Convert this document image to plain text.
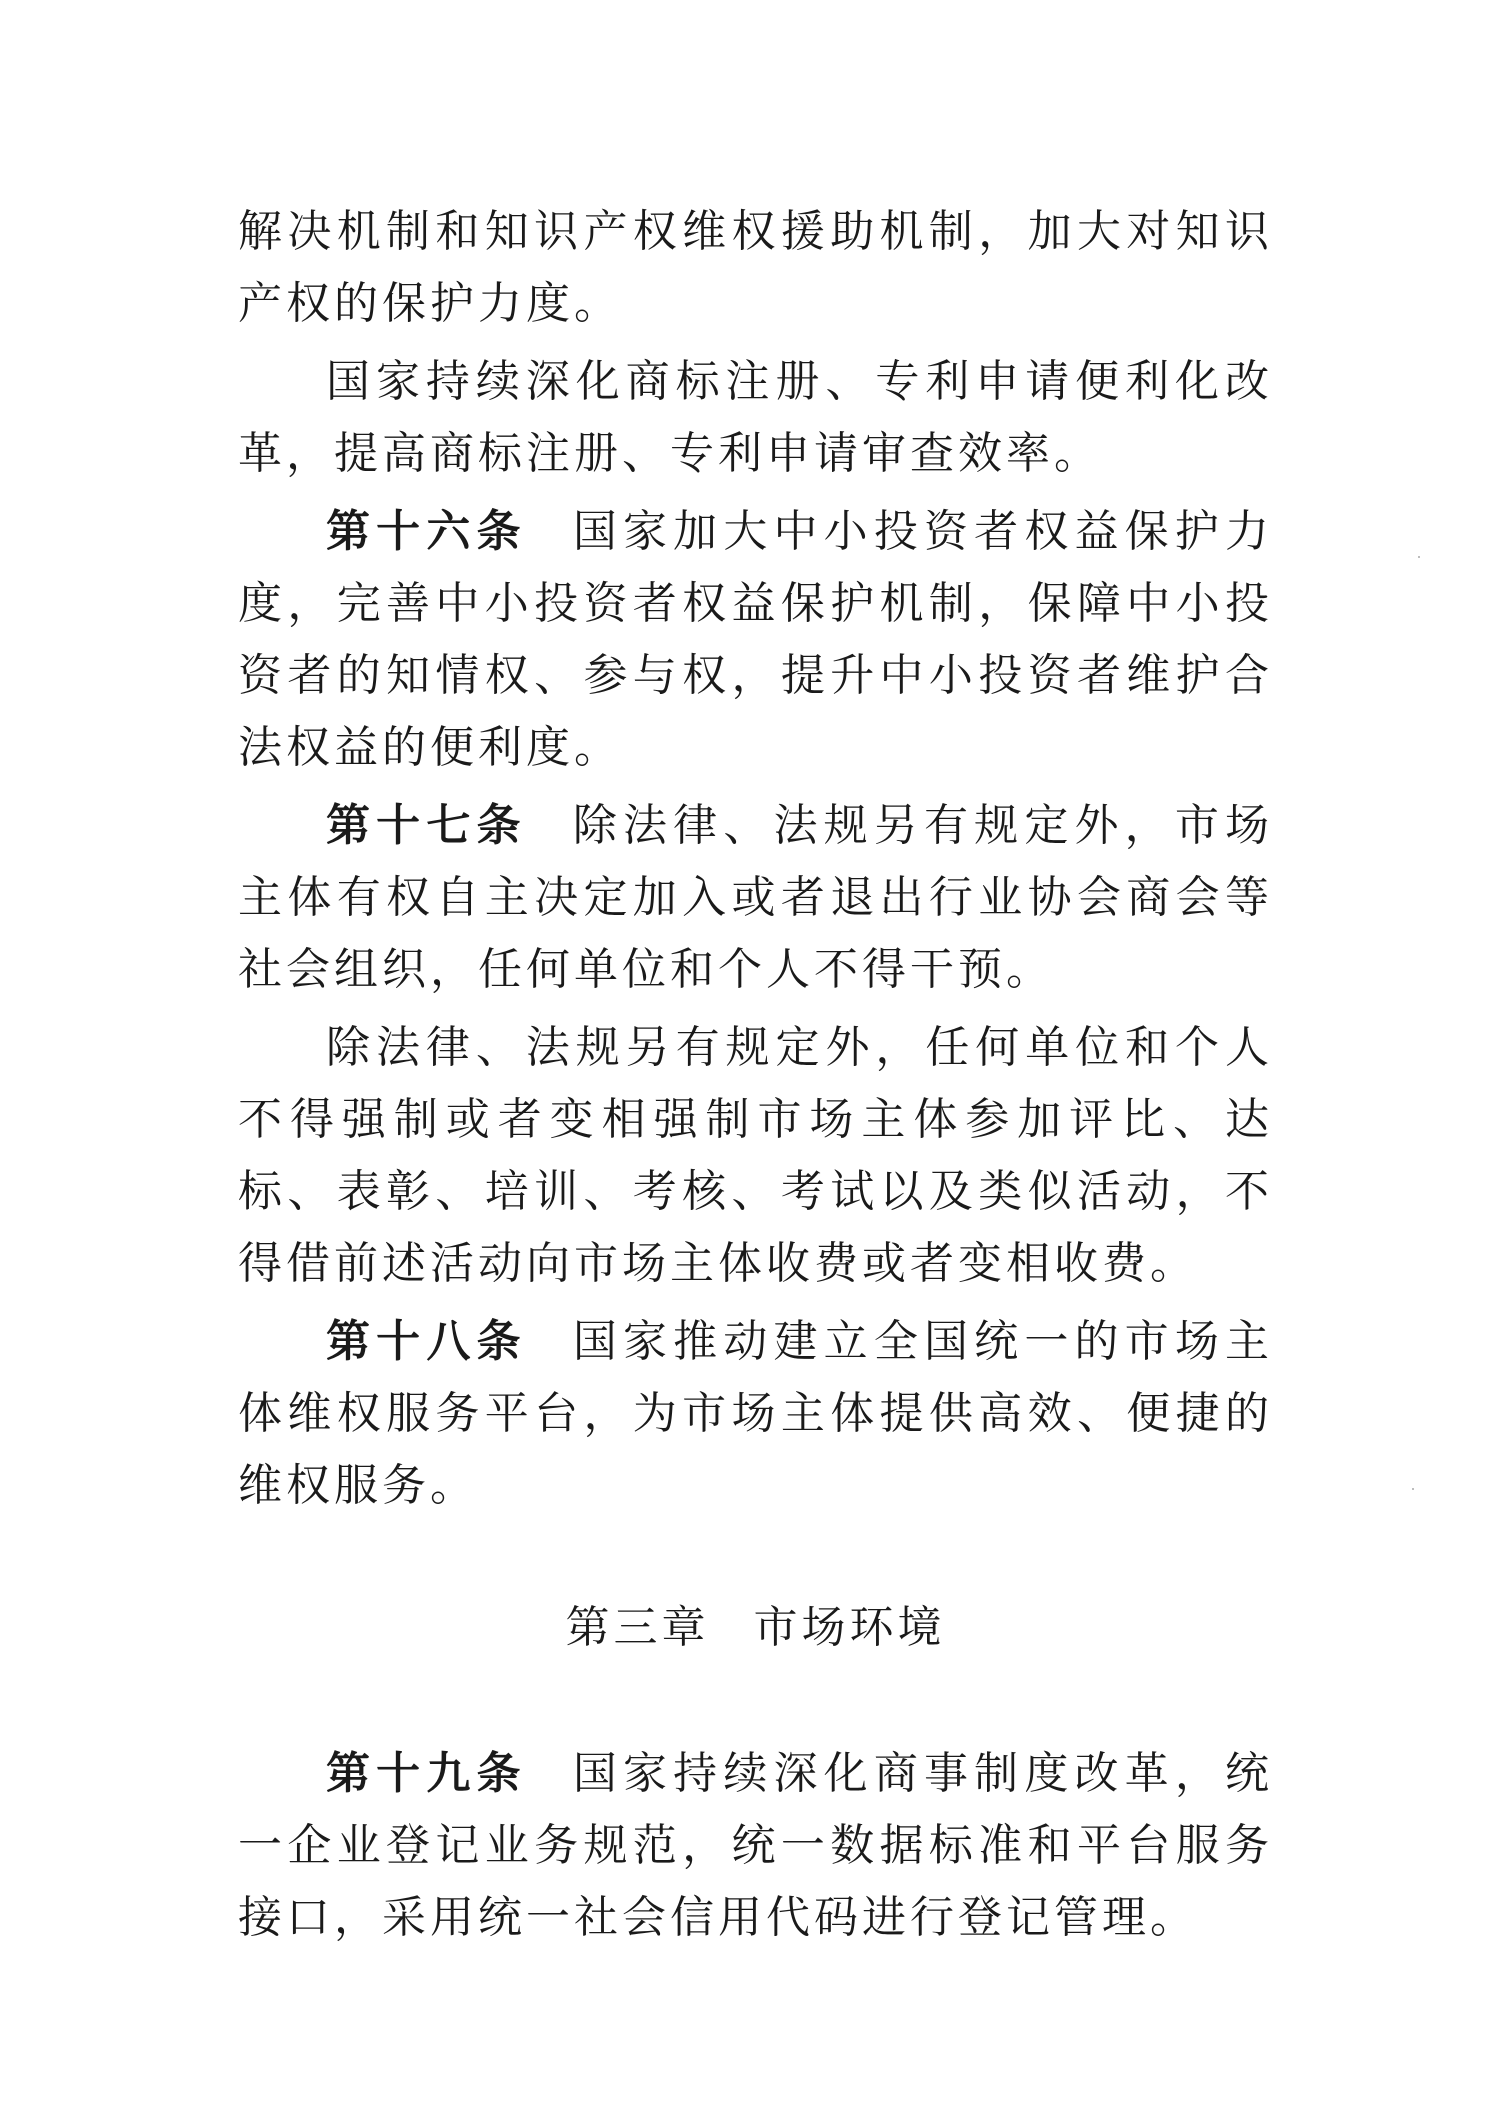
解决机制和知识产权维权援助机制，加大对知识产权的保护力度。

国家持续深化商标注册、专利申请便利化改革，提高商标注册、专利申请审查效率。

第十六条 国家加大中小投资者权益保护力度，完善中小投资者权益保护机制，保障中小投资者的知情权、参与权，提升中小投资者维护合法权益的便利度。

第十七条 除法律、法规另有规定外，市场主体有权自主决定加入或者退出行业协会商会等社会组织，任何单位和个人不得干预。

除法律、法规另有规定外，任何单位和个人不得强制或者变相强制市场主体参加评比、达标、表彰、培训、考核、考试以及类似活动，不得借前述活动向市场主体收费或者变相收费。

第十八条 国家推动建立全国统一的市场主体维权服务平台，为市场主体提供高效、便捷的维权服务。

第三章 市场环境

第十九条 国家持续深化商事制度改革，统一企业登记业务规范，统一数据标准和平台服务接口，采用统一社会信用代码进行登记管理。
